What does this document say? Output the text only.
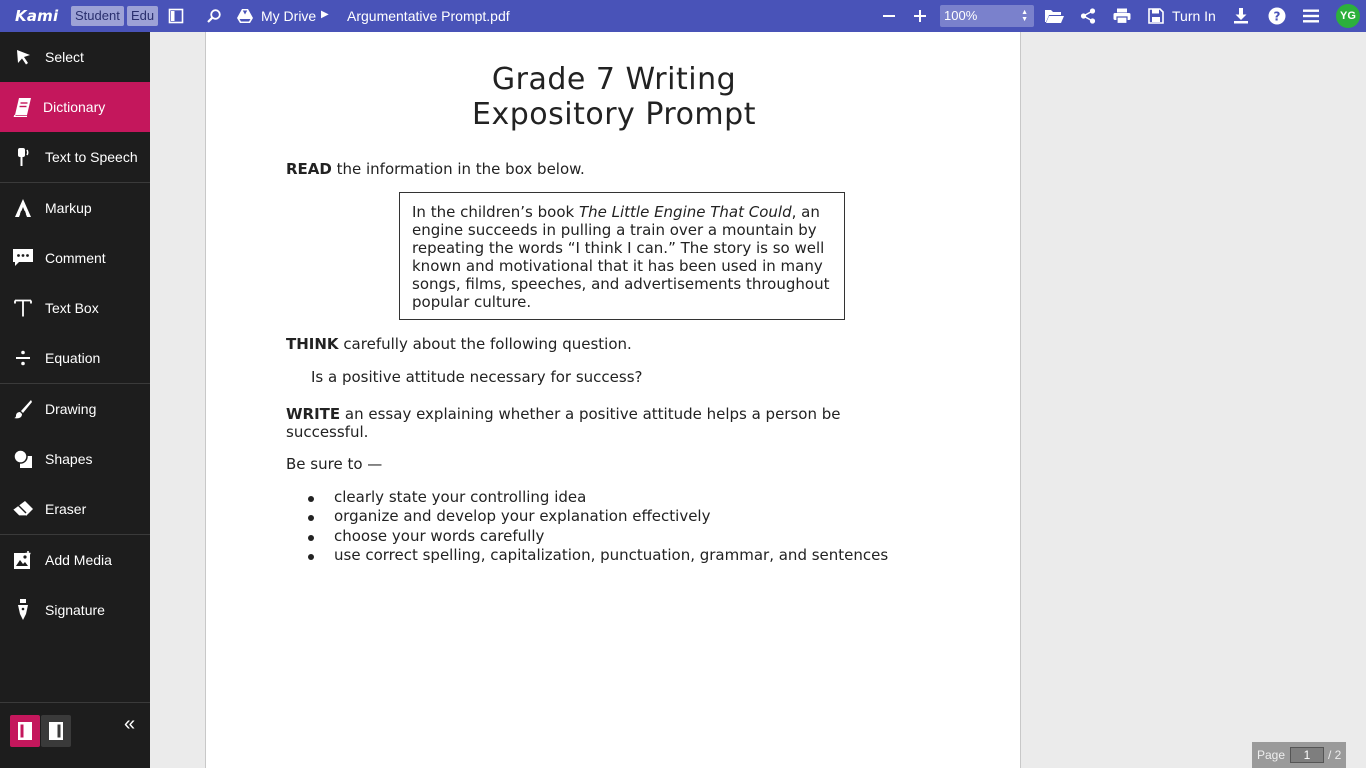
Kami	Student Edu	My Drive ▶ Argumentative Prompt.pdf	100%	▲
▼	Turn In	?	YG
Select
Dictionary
Text to Speech
Markup
Comment
Text Box
Equation
Drawing
Shapes
Eraser
Add Media
Signature
«
Grade 7 Writing
Expository Prompt
READ the information in the box below.
In the children’s book The Little Engine That Could, an engine succeeds in pulling a train over a mountain by repeating the words “I think I can.” The story is so well known and motivational that it has been used in many songs, films, speeches, and advertisements throughout popular culture.
THINK carefully about the following question.
Is a positive attitude necessary for success?
WRITE an essay explaining whether a positive attitude helps a person be successful.
Be sure to —
clearly state your controlling idea
organize and develop your explanation effectively
choose your words carefully
use correct spelling, capitalization, punctuation, grammar, and sentences
Page	1	/ 2
